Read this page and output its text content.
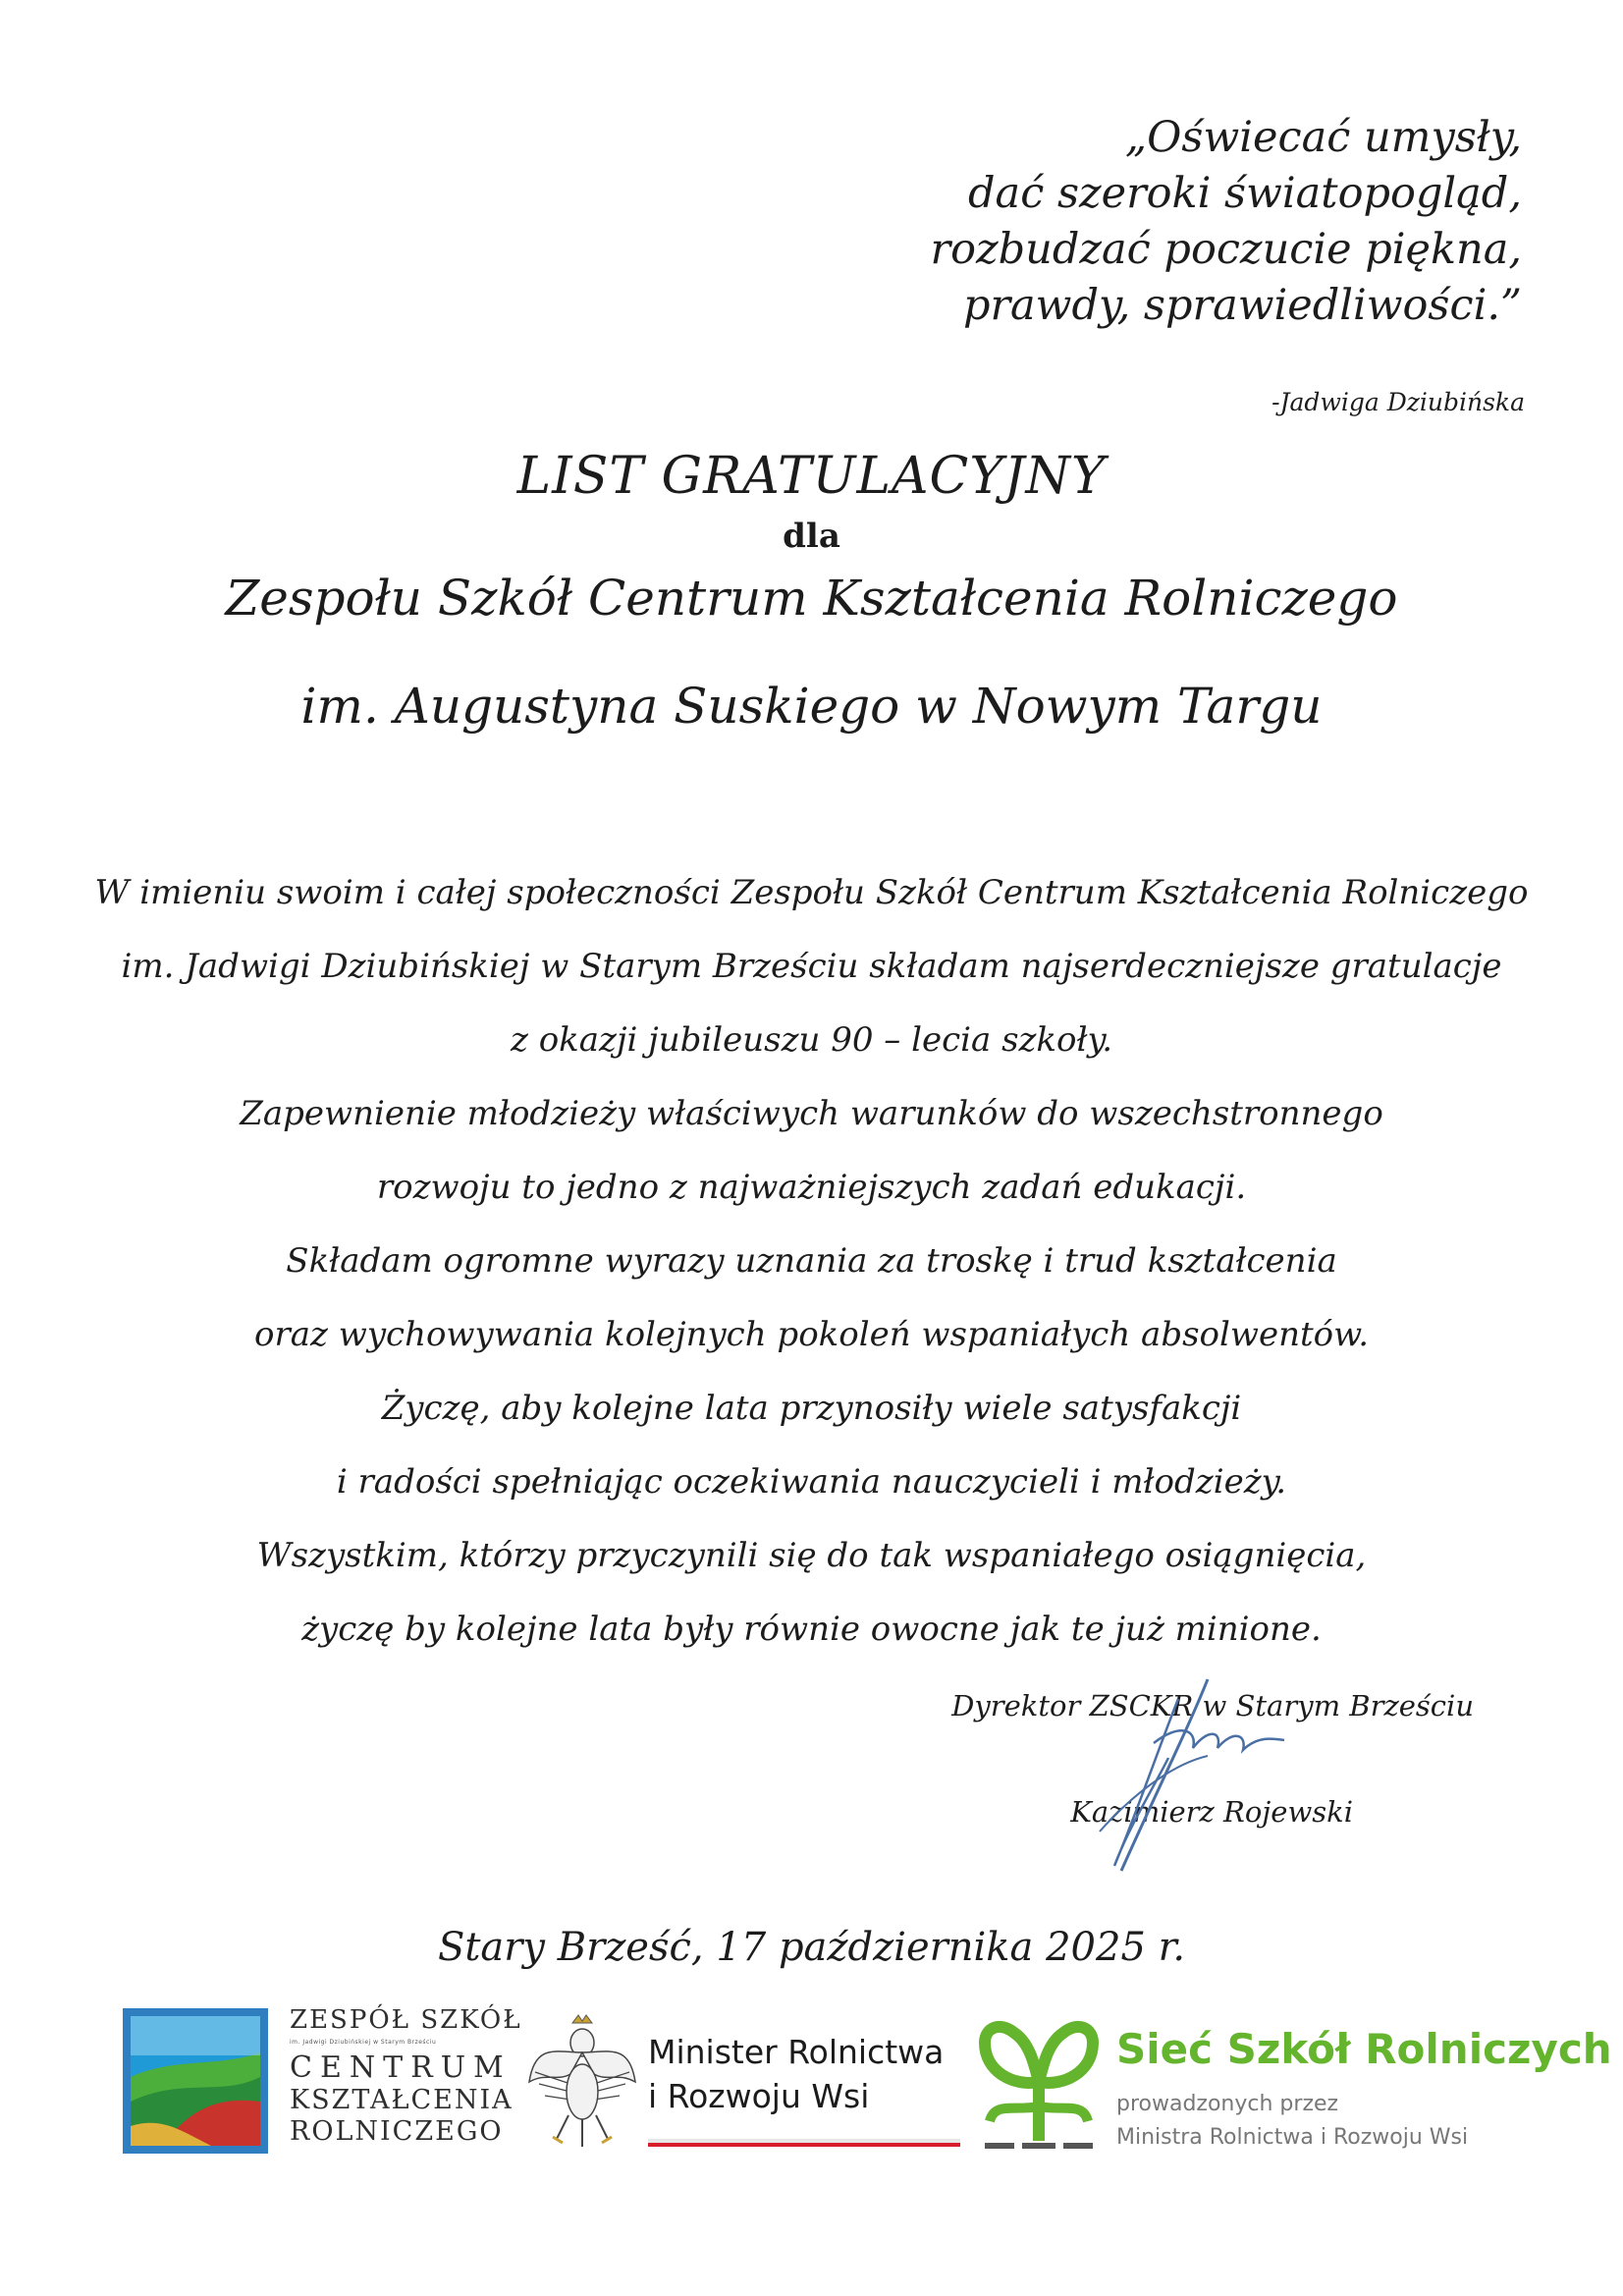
„Oświecać umysły,
dać szeroki światopogląd,
rozbudzać poczucie piękna,
prawdy, sprawiedliwości.”
-Jadwiga Dziubińska
LIST GRATULACYJNY
dla
Zespołu Szkół Centrum Kształcenia Rolniczego
im. Augustyna Suskiego w Nowym Targu
W imieniu swoim i całej społeczności Zespołu Szkół Centrum Kształcenia Rolniczego
im. Jadwigi Dziubińskiej w Starym Brześciu składam najserdeczniejsze gratulacje
z okazji jubileuszu 90 – lecia szkoły.
Zapewnienie młodzieży właściwych warunków do wszechstronnego
rozwoju to jedno z najważniejszych zadań edukacji.
Składam ogromne wyrazy uznania za troskę i trud kształcenia
oraz wychowywania kolejnych pokoleń wspaniałych absolwentów.
Życzę, aby kolejne lata przynosiły wiele satysfakcji
i radości spełniając oczekiwania nauczycieli i młodzieży.
Wszystkim, którzy przyczynili się do tak wspaniałego osiągnięcia,
życzę by kolejne lata były równie owocne jak te już minione.
Dyrektor ZSCKR w Starym Brześciu
Kazimierz Rojewski
Stary Brześć, 17 października 2025 r.
ZESPÓŁ SZKÓŁ
im. Jadwigi Dziubińskiej w Starym Brześciu
CENTRUM
KSZTAŁCENIA
ROLNICZEGO
Minister Rolnictwa
i Rozwoju Wsi
Sieć Szkół Rolniczych
prowadzonych przez
Ministra Rolnictwa i Rozwoju Wsi
